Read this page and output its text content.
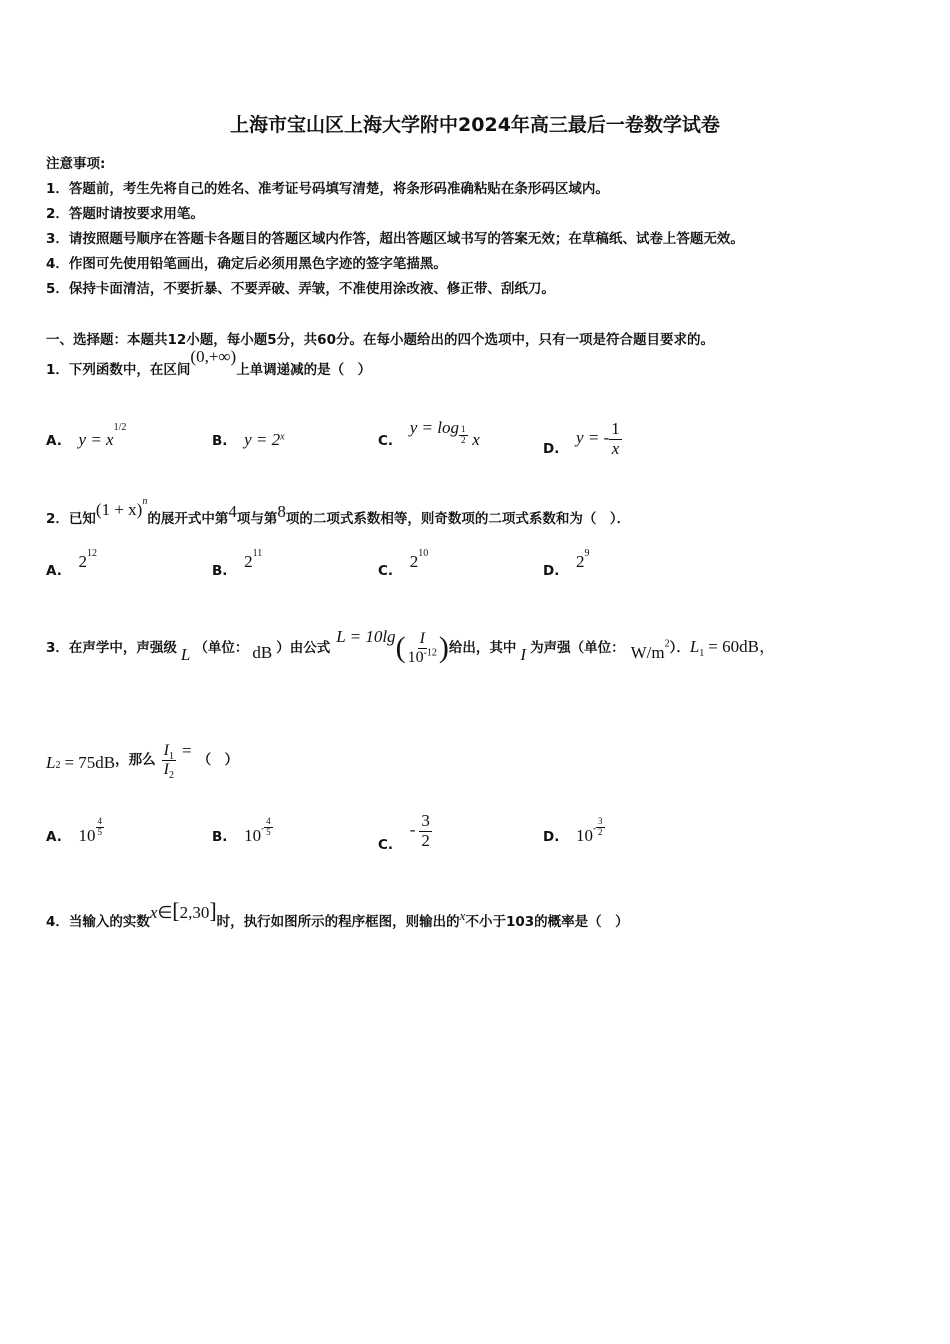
上海市宝山区上海大学附中2024年高三最后一卷数学试卷
注意事项:
1．答题前，考生先将自己的姓名、准考证号码填写清楚，将条形码准确粘贴在条形码区域内。
2．答题时请按要求用笔。
3．请按照题号顺序在答题卡各题目的答题区域内作答，超出答题区域书写的答案无效；在草稿纸、试卷上答题无效。
4．作图可先使用铅笔画出，确定后必须用黑色字迹的签字笔描黑。
5．保持卡面清洁，不要折暴、不要弄破、弄皱，不准使用涂改液、修正带、刮纸刀。
一、选择题：本题共12小题，每小题5分，共60分。在每小题给出的四个选项中，只有一项是符合题目要求的。
1．下列函数中，在区间(0,+∞)上单调递减的是（　）
A. $y = x^{1/2}$
B. $y = 2^x$	C. $y = \log \frac{1}{2}$ x
D. y = - $\frac{1}{x}$
2．已知$(1 + x)^n$的展开式中第4项与第8项的二项式系数相等，则奇数项的二项式系数和为（　）．
A. $2^{12}$
B. $2^{11}$
C. $2^{10}$
D. $2^9$
3．在声学中，声强级 L （单位： dB ）由公式$L = 10\lg( \frac{I}{10^{-12}}$ )给出，其中 I 为声强（单位： $W/m^2$）．$L_1 = 60dB$，
$L_2 = 75dB$，那么 $\frac{I_1}{I_2}$ = （　）
A. $10 \frac{4}{5}$	B. $10^- \frac{4}{5}$
C. - $\frac{3}{2}$	D. $10^- \frac{3}{2}$
4．当输入的实数x∈[2,30]时，执行如图所示的程序框图，则输出的x不小于103的概率是（　）
